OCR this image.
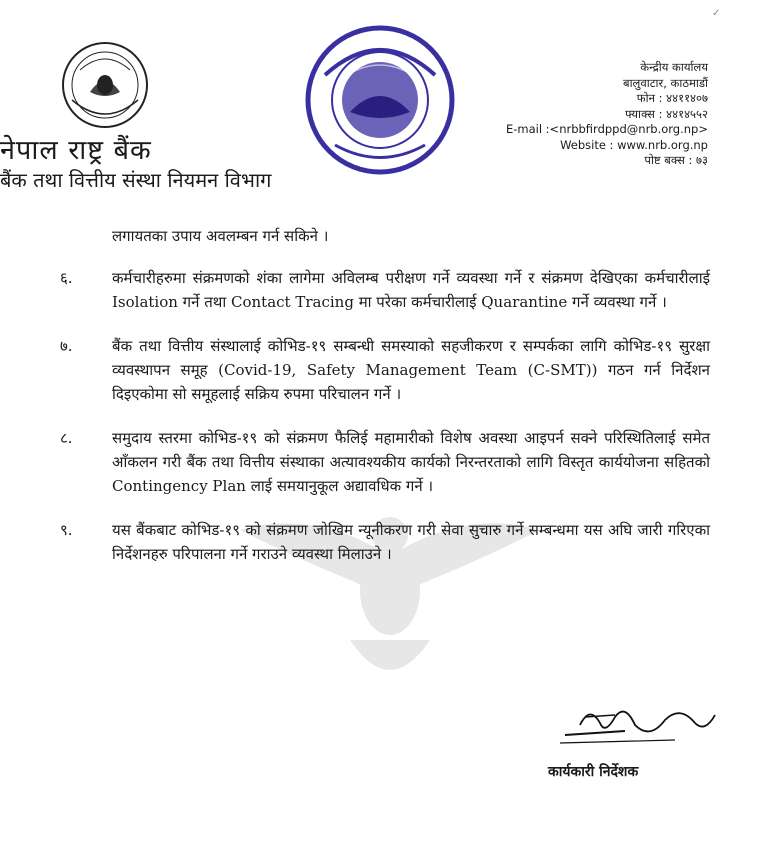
✓
नेपाल राष्ट्र बैंक
बैंक तथा वित्तीय संस्था नियमन विभाग
केन्द्रीय कार्यालय
बालुवाटार, काठमाडौं
फोन : ४४११४०७
फ्याक्स : ४४१४५५२
E-mail :<nrbbfirdppd@nrb.org.np>
Website : www.nrb.org.np
पोष्ट बक्स : ७३
लगायतका उपाय अवलम्बन गर्न सकिने ।
६.	कर्मचारीहरुमा संक्रमणको शंका लागेमा अविलम्ब परीक्षण गर्ने व्यवस्था गर्ने र संक्रमण देखिएका कर्मचारीलाई Isolation गर्ने तथा Contact Tracing मा परेका कर्मचारीलाई Quarantine गर्ने व्यवस्था गर्ने ।
७.	बैंक तथा वित्तीय संस्थालाई कोभिड-१९ सम्बन्धी समस्याको सहजीकरण र सम्पर्कका लागि कोभिड-१९ सुरक्षा व्यवस्थापन समूह (Covid-19, Safety Management Team (C-SMT)) गठन गर्न निर्देशन दिइएकोमा सो समूहलाई सक्रिय रुपमा परिचालन गर्ने ।
८.	समुदाय स्तरमा कोभिड-१९ को संक्रमण फैलिई महामारीको विशेष अवस्था आइपर्न सक्ने परिस्थितिलाई समेत आँकलन गरी बैंक तथा वित्तीय संस्थाका अत्यावश्यकीय कार्यको निरन्तरताको लागि विस्तृत कार्ययोजना सहितको Contingency Plan लाई समयानुकूल अद्यावधिक गर्ने ।
९.	यस बैंकबाट कोभिड-१९ को संक्रमण जोखिम न्यूनीकरण गरी सेवा सुचारु गर्ने सम्बन्धमा यस अघि जारी गरिएका निर्देशनहरु परिपालना गर्ने गराउने व्यवस्था मिलाउने ।
कार्यकारी निर्देशक
